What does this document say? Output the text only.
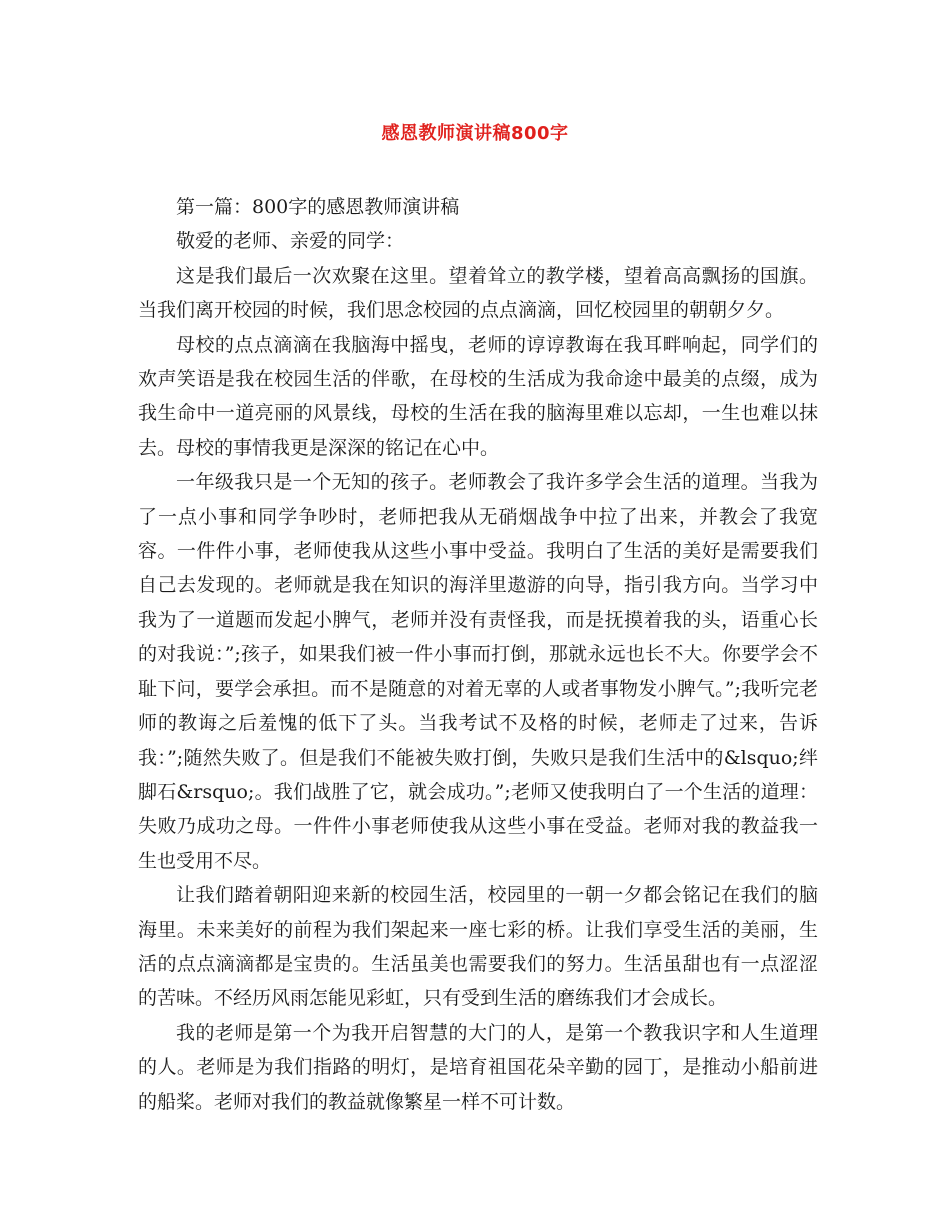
感恩教师演讲稿800字

第一篇：800字的感恩教师演讲稿

敬爱的老师、亲爱的同学：

这是我们最后一次欢聚在这里。望着耸立的教学楼，望着高高飘扬的国旗。当我们离开校园的时候，我们思念校园的点点滴滴，回忆校园里的朝朝夕夕。

母校的点点滴滴在我脑海中摇曳，老师的谆谆教诲在我耳畔响起，同学们的欢声笑语是我在校园生活的伴歌，在母校的生活成为我命途中最美的点缀，成为我生命中一道亮丽的风景线，母校的生活在我的脑海里难以忘却，一生也难以抹去。母校的事情我更是深深的铭记在心中。

一年级我只是一个无知的孩子。老师教会了我许多学会生活的道理。当我为了一点小事和同学争吵时，老师把我从无硝烟战争中拉了出来，并教会了我宽容。一件件小事，老师使我从这些小事中受益。我明白了生活的美好是需要我们自己去发现的。老师就是我在知识的海洋里遨游的向导，指引我方向。当学习中我为了一道题而发起小脾气，老师并没有责怪我，而是抚摸着我的头，语重心长的对我说：”;孩子，如果我们被一件小事而打倒，那就永远也长不大。你要学会不耻下问，要学会承担。而不是随意的对着无辜的人或者事物发小脾气。”;我听完老师的教诲之后羞愧的低下了头。当我考试不及格的时候，老师走了过来，告诉我：”;随然失败了。但是我们不能被失败打倒，失败只是我们生活中的&lsquo;绊脚石&rsquo;。我们战胜了它，就会成功。”;老师又使我明白了一个生活的道理：失败乃成功之母。一件件小事老师使我从这些小事在受益。老师对我的教益我一生也受用不尽。

让我们踏着朝阳迎来新的校园生活，校园里的一朝一夕都会铭记在我们的脑海里。未来美好的前程为我们架起来一座七彩的桥。让我们享受生活的美丽，生活的点点滴滴都是宝贵的。生活虽美也需要我们的努力。生活虽甜也有一点涩涩的苦味。不经历风雨怎能见彩虹，只有受到生活的磨练我们才会成长。

我的老师是第一个为我开启智慧的大门的人，是第一个教我识字和人生道理的人。老师是为我们指路的明灯，是培育祖国花朵辛勤的园丁，是推动小船前进的船桨。老师对我们的教益就像繁星一样不可计数。
